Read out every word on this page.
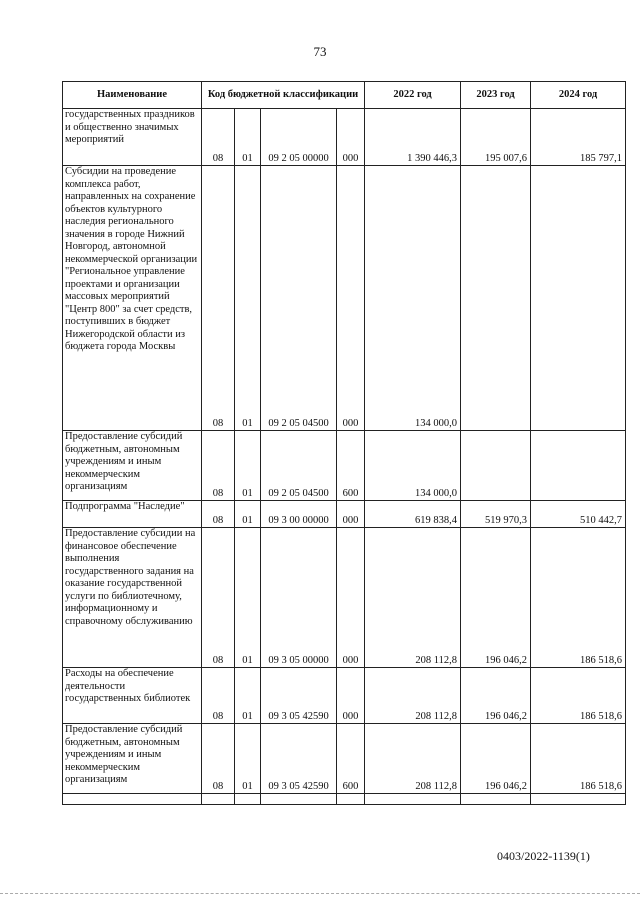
73
Наименование	Код бюджетной классификации				2022 год	2023 год	2024 год
государственных праздников и общественно значимых мероприятий	08	01	09 2 05 00000	000	1 390 446,3	195 007,6	185 797,1
Субсидии на проведение комплекса работ, направленных на сохранение объектов культурного наследия регионального значения в городе Нижний Новгород, автономной некоммерческой организации "Региональное управление проектами и организации массовых мероприятий "Центр 800" за счет средств, поступивших в бюджет Нижегородской области из бюджета города Москвы	08	01	09 2 05 04500	000	134 000,0		
Предоставление субсидий бюджетным, автономным учреждениям и иным некоммерческим организациям	08	01	09 2 05 04500	600	134 000,0		
Подпрограмма "Наследие"	08	01	09 3 00 00000	000	619 838,4	519 970,3	510 442,7
Предоставление субсидии на финансовое обеспечение выполнения государственного задания на оказание государственной услуги по библиотечному, информационному и справочному обслуживанию	08	01	09 3 05 00000	000	208 112,8	196 046,2	186 518,6
Расходы на обеспечение деятельности государственных библиотек	08	01	09 3 05 42590	000	208 112,8	196 046,2	186 518,6
Предоставление субсидий бюджетным, автономным учреждениям и иным некоммерческим организациям	08	01	09 3 05 42590	600	208 112,8	196 046,2	186 518,6

0403/2022-1139(1)
